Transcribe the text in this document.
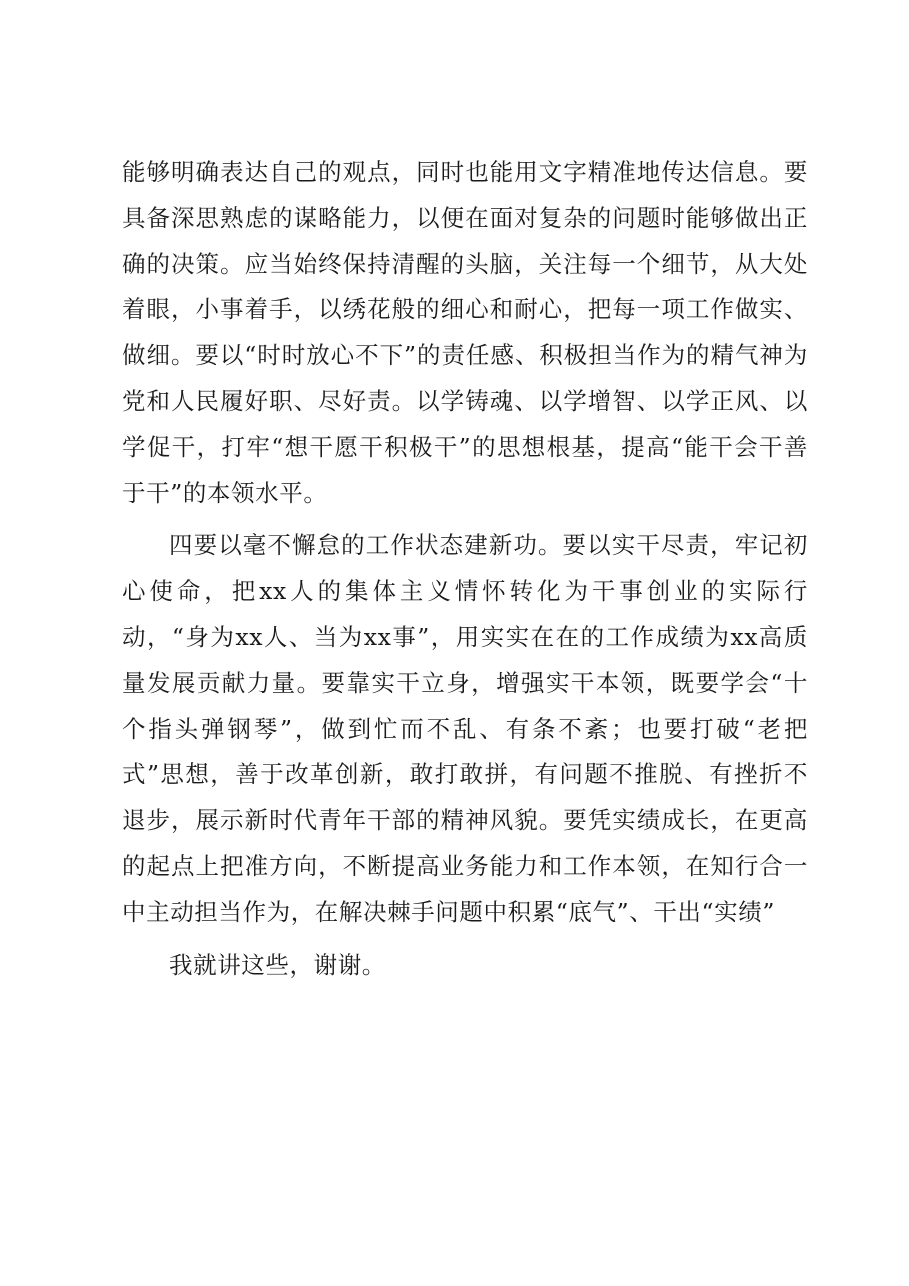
能够明确表达自己的观点，同时也能用文字精准地传达信息。要具备深思熟虑的谋略能力，以便在面对复杂的问题时能够做出正确的决策。应当始终保持清醒的头脑，关注每一个细节，从大处着眼，小事着手，以绣花般的细心和耐心，把每一项工作做实、做细。要以“时时放心不下”的责任感、积极担当作为的精气神为党和人民履好职、尽好责。以学铸魂、以学增智、以学正风、以学促干，打牢“想干愿干积极干”的思想根基，提高“能干会干善于干”的本领水平。

四要以毫不懈怠的工作状态建新功。要以实干尽责，牢记初心使命，把xx人的集体主义情怀转化为干事创业的实际行动，“身为xx人、当为xx事”，用实实在在的工作成绩为xx高质量发展贡献力量。要靠实干立身，增强实干本领，既要学会“十个指头弹钢琴”，做到忙而不乱、有条不紊；也要打破“老把式”思想，善于改革创新，敢打敢拼，有问题不推脱、有挫折不退步，展示新时代青年干部的精神风貌。要凭实绩成长，在更高的起点上把准方向，不断提高业务能力和工作本领，在知行合一中主动担当作为，在解决棘手问题中积累“底气”、干出“实绩”

我就讲这些，谢谢。
